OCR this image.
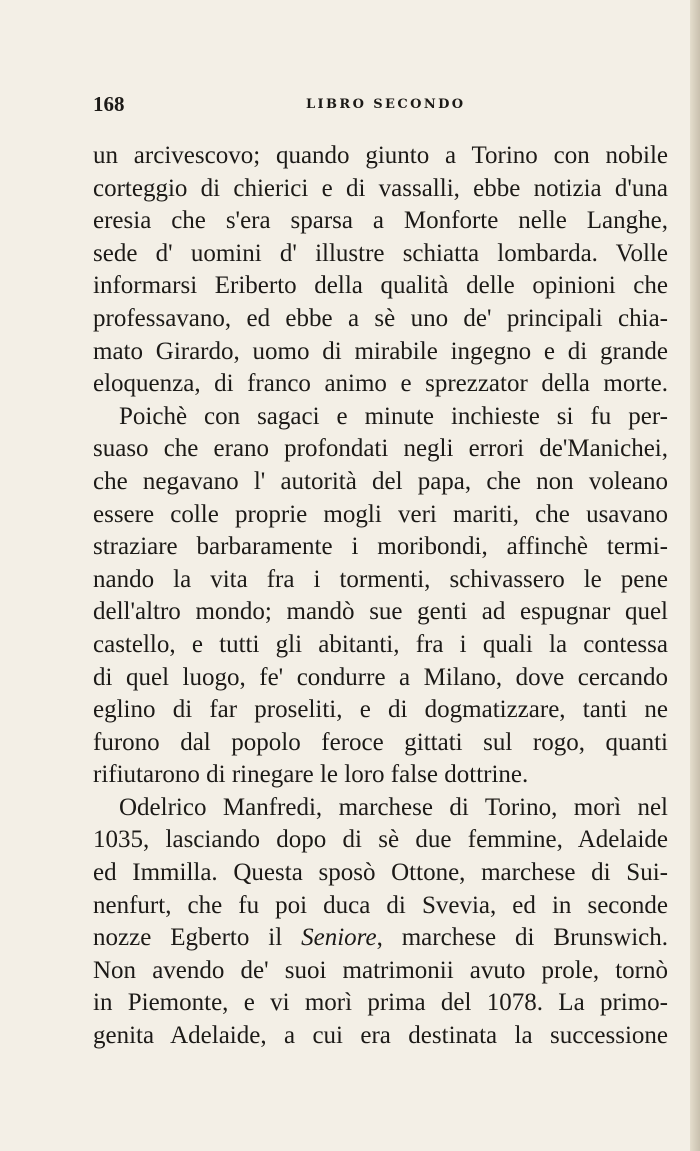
168	LIBRO SECONDO
un arcivescovo; quando giunto a Torino con nobile
corteggio di chierici e di vassalli, ebbe notizia d'una
eresia che s'era sparsa a Monforte nelle Langhe,
sede d' uomini d' illustre schiatta lombarda. Volle
informarsi Eriberto della qualità delle opinioni che
professavano, ed ebbe a sè uno de' principali chia-
mato Girardo, uomo di mirabile ingegno e di grande
eloquenza, di franco animo e sprezzator della morte.
Poichè con sagaci e minute inchieste si fu per-
suaso che erano profondati negli errori de'Manichei,
che negavano l' autorità del papa, che non voleano
essere colle proprie mogli veri mariti, che usavano
straziare barbaramente i moribondi, affinchè termi-
nando la vita fra i tormenti, schivassero le pene
dell'altro mondo; mandò sue genti ad espugnar quel
castello, e tutti gli abitanti, fra i quali la contessa
di quel luogo, fe' condurre a Milano, dove cercando
eglino di far proseliti, e di dogmatizzare, tanti ne
furono dal popolo feroce gittati sul rogo, quanti
rifiutarono di rinegare le loro false dottrine.
Odelrico Manfredi, marchese di Torino, morì nel
1035, lasciando dopo di sè due femmine, Adelaide
ed Immilla. Questa sposò Ottone, marchese di Sui-
nenfurt, che fu poi duca di Svevia, ed in seconde
nozze Egberto il Seniore, marchese di Brunswich.
Non avendo de' suoi matrimonii avuto prole, tornò
in Piemonte, e vi morì prima del 1078. La primo-
genita Adelaide, a cui era destinata la successione
